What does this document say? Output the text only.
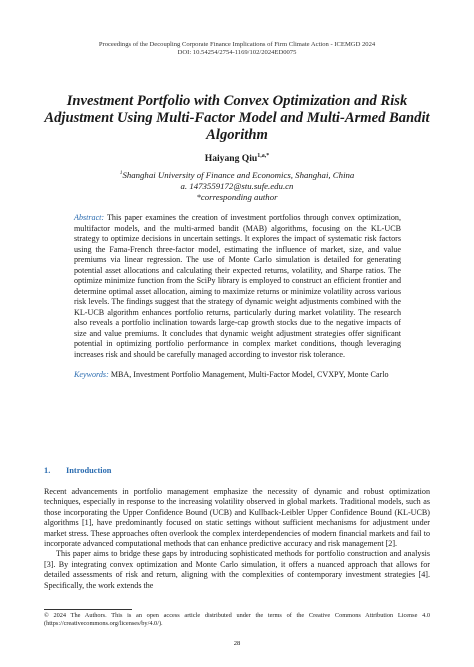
Proceedings of the Decoupling Corporate Finance Implications of Firm Climate Action - ICEMGD 2024
DOI: 10.54254/2754-1169/102/2024ED0075
Investment Portfolio with Convex Optimization and Risk Adjustment Using Multi-Factor Model and Multi-Armed Bandit Algorithm
Haiyang Qiu$^{1,a,*}$
$^1$Shanghai University of Finance and Economics, Shanghai, China
a. 1473559172@stu.sufe.edu.cn
*corresponding author
Abstract: This paper examines the creation of investment portfolios through convex optimization, multifactor models, and the multi-armed bandit (MAB) algorithms, focusing on the KL-UCB strategy to optimize decisions in uncertain settings. It explores the impact of systematic risk factors using the Fama-French three-factor model, estimating the influence of market, size, and value premiums via linear regression. The use of Monte Carlo simulation is detailed for generating potential asset allocations and calculating their expected returns, volatility, and Sharpe ratios. The optimize minimize function from the SciPy library is employed to construct an efficient frontier and determine optimal asset allocation, aiming to maximize returns or minimize volatility across various risk levels. The findings suggest that the strategy of dynamic weight adjustments combined with the KL-UCB algorithm enhances portfolio returns, particularly during market volatility. The research also reveals a portfolio inclination towards large-cap growth stocks due to the negative impacts of size and value premiums. It concludes that dynamic weight adjustment strategies offer significant potential in optimizing portfolio performance in complex market conditions, though leveraging increases risk and should be carefully managed according to investor risk tolerance.
Keywords: MBA, Investment Portfolio Management, Multi-Factor Model, CVXPY, Monte Carlo
1. Introduction

Recent advancements in portfolio management emphasize the necessity of dynamic and robust optimization techniques, especially in response to the increasing volatility observed in global markets. Traditional models, such as those incorporating the Upper Confidence Bound (UCB) and Kullback-Leibler Upper Confidence Bound (KL-UCB) algorithms [1], have predominantly focused on static settings without sufficient mechanisms for adjustment under market stress. These approaches often overlook the complex interdependencies of modern financial markets and fail to incorporate advanced computational methods that can enhance predictive accuracy and risk management [2].

This paper aims to bridge these gaps by introducing sophisticated methods for portfolio construction and analysis [3]. By integrating convex optimization and Monte Carlo simulation, it offers a nuanced approach that allows for detailed assessments of risk and return, aligning with the complexities of contemporary investment strategies [4]. Specifically, the work extends the

© 2024 The Authors. This is an open access article distributed under the terms of the Creative Commons Attribution License 4.0 (https://creativecommons.org/licenses/by/4.0/).
28
